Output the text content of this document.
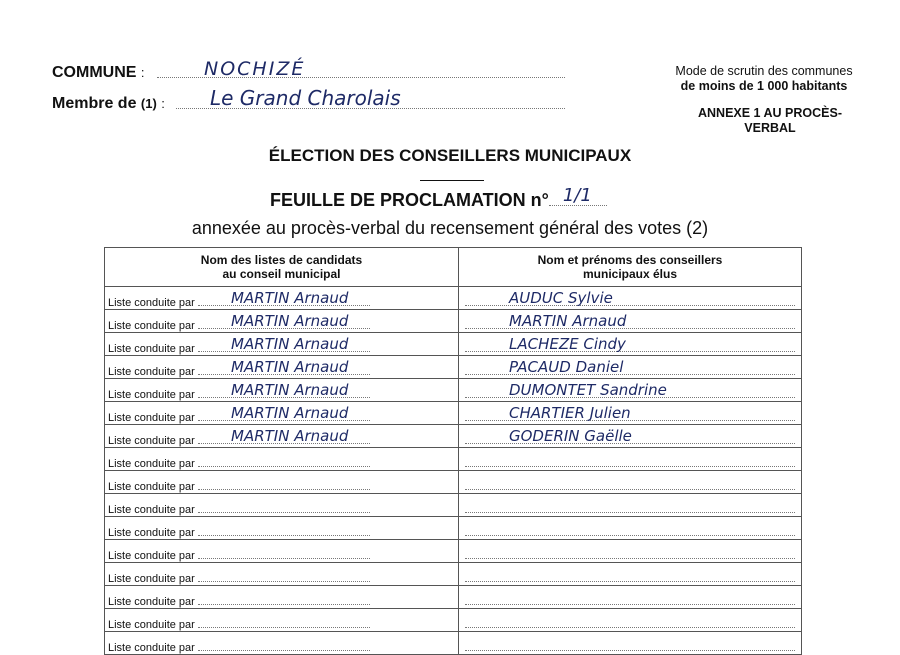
COMMUNE :	NOCHIZÉ
Membre de (1) : Le Grand Charolais
Mode de scrutin des communes
de moins de 1 000 habitants
ANNEXE 1 AU PROCÈS-
VERBAL
ÉLECTION DES CONSEILLERS MUNICIPAUX
FEUILLE DE PROCLAMATION n° 1/1
annexée au procès-verbal du recensement général des votes (2)
Nom des listes de candidats
au conseil municipal	Nom et prénoms des conseillers
municipaux élus
Liste conduite par MARTIN Arnaud	AUDUC Sylvie

Liste conduite par MARTIN Arnaud	MARTIN Arnaud

Liste conduite par MARTIN Arnaud	LACHEZE Cindy

Liste conduite par MARTIN Arnaud	PACAUD Daniel

Liste conduite par MARTIN Arnaud	DUMONTET Sandrine

Liste conduite par MARTIN Arnaud	CHARTIER Julien

Liste conduite par MARTIN Arnaud	GODERIN Gaëlle

Liste conduite par

Liste conduite par

Liste conduite par

Liste conduite par

Liste conduite par

Liste conduite par

Liste conduite par

Liste conduite par

Liste conduite par
